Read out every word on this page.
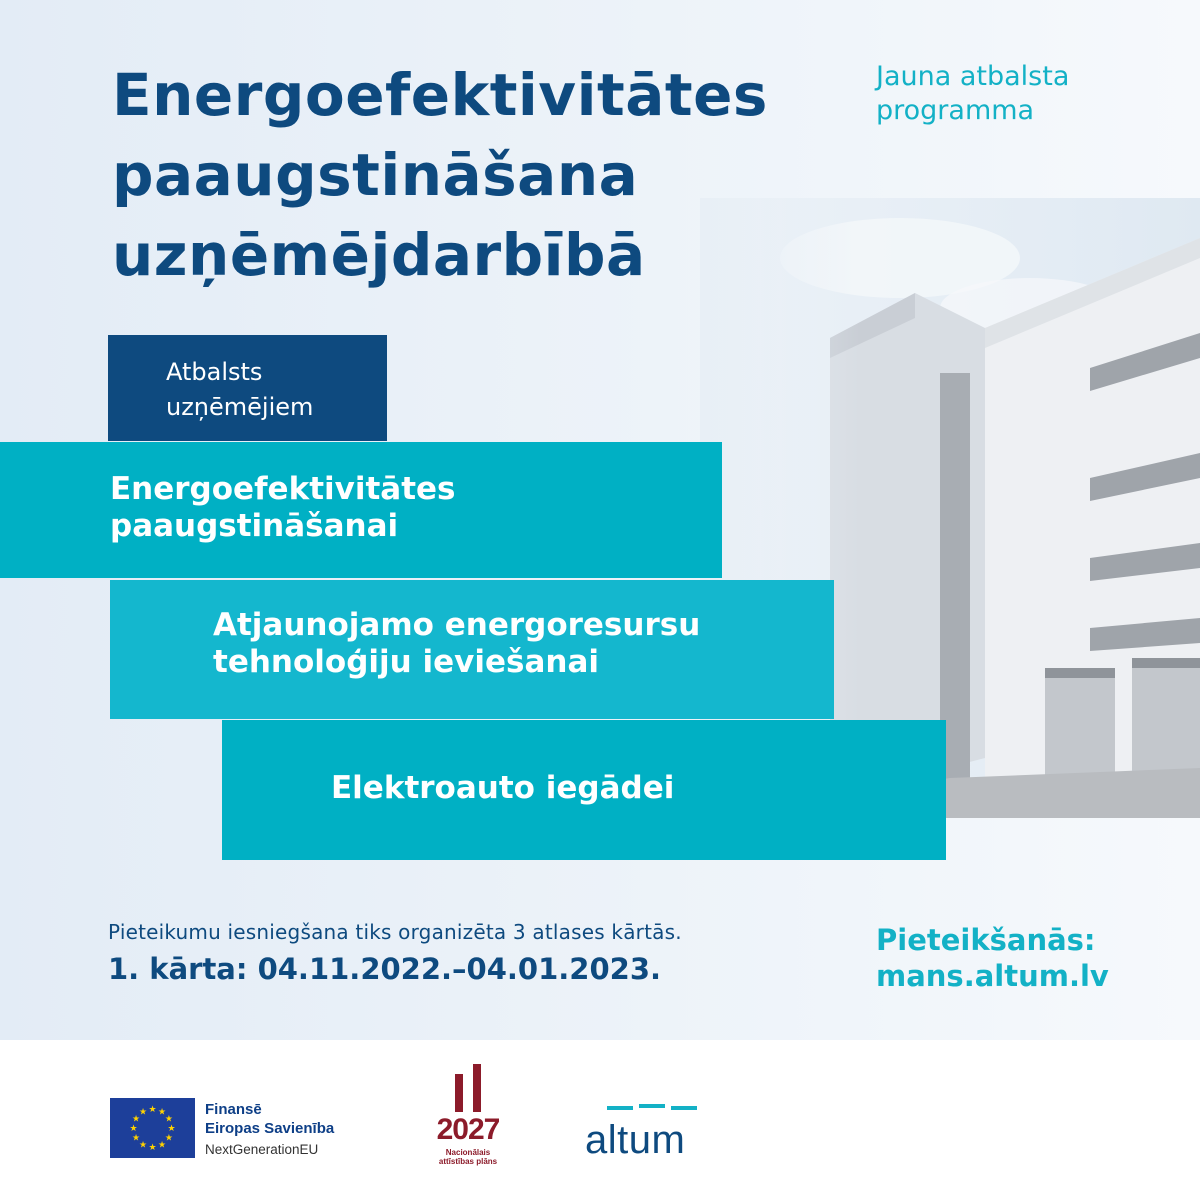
Energoefektivitātes
paaugstināšana
uzņēmējdarbībā
Jauna atbalsta
programma
Atbalsts
uzņēmējiem
Energoefektivitātes
paaugstināšanai
Atjaunojamo energoresursu
tehnoloģiju ieviešanai
Elektroauto iegādei
Pieteikumu iesniegšana tiks organizēta 3 atlases kārtās.
1. kārta: 04.11.2022.–04.01.2023.
Pieteikšanās:
mans.altum.lv
★ ★
★
★
★
★
★
★
★
★
★
★	Finansē
Eiropas Savienība
NextGenerationEU
2027
Nacionālais
attīstības plāns	altum
